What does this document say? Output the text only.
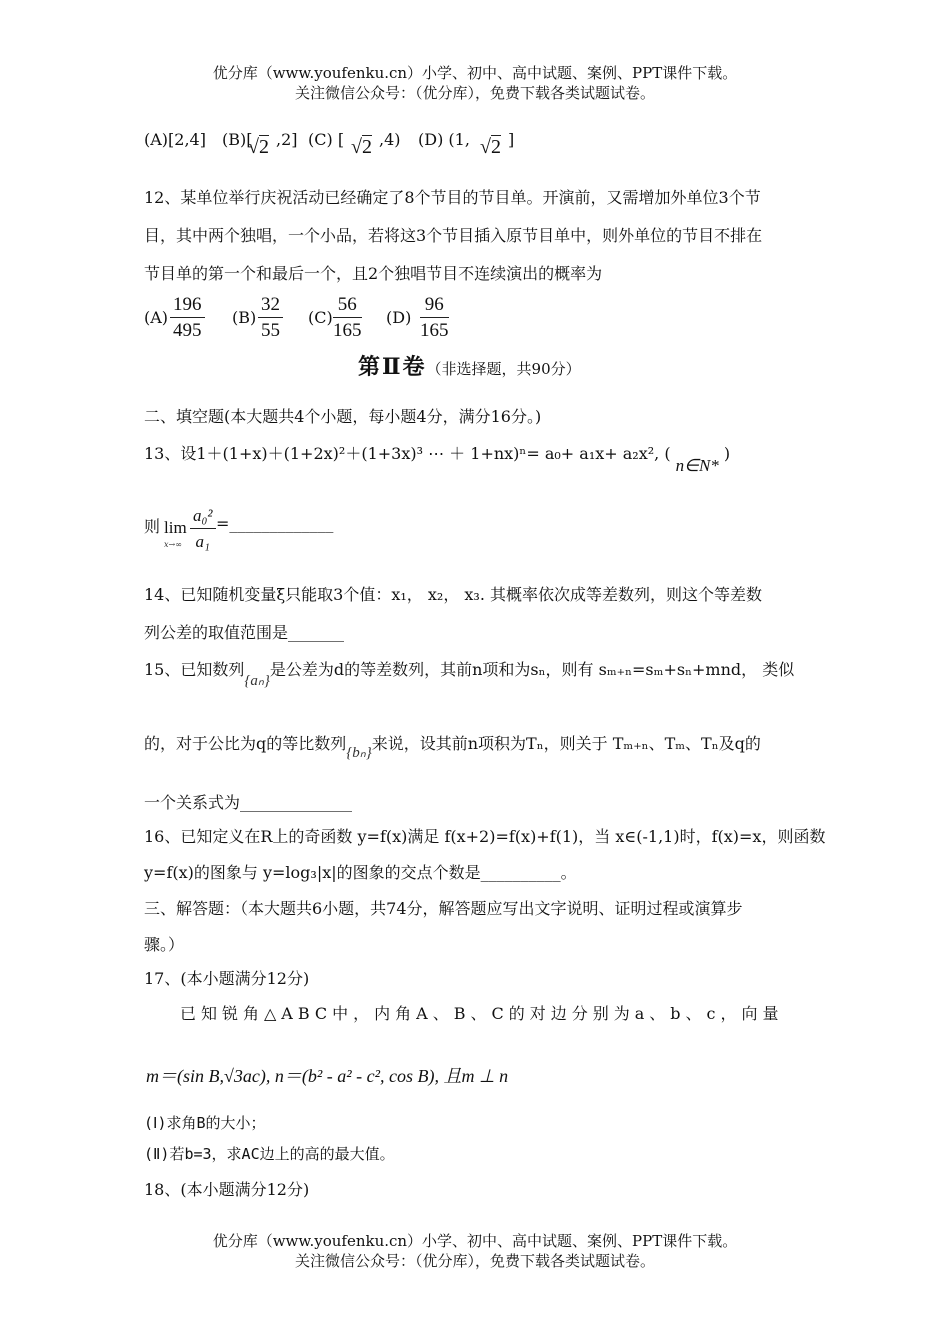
优分库（www.youfenku.cn）小学、初中、高中试题、案例、PPT课件下载。
关注微信公众号：（优分库），免费下载各类试题试卷。
(A)[2,4] (B)[
√2 ,2] (C) [ √2 ,4) (D) (1, √2 ]
12、某单位举行庆祝活动已经确定了8个节目的节目单。开演前，又需增加外单位3个节
目，其中两个独唱，一个小品，若将这3个节目插入原节目单中，则外单位的节目不排在
节目单的第一个和最后一个，且2个独唱节目不连续演出的概率为
$(A) \frac{196}{495} (B) \frac{32}{55} (C) \frac{56}{165} (D) \frac{96}{165}$
第Ⅱ卷（非选择题，共90分）
二、填空题(本大题共4个小题，每小题4分，满分16分。)
13、设1＋(1+x)＋(1+2x)²＋(1+3x)³ ⋯ ＋ 1+nx)ⁿ= a₀+ a₁x+ a₂x², ( n∈N* )
则 lim
$x\to\infty \frac{\text{a₀²}}{\text{a₁}}$ =_____________
14、已知随机变量ξ只能取3个值：x₁， x₂， x₃. 其概率依次成等差数列，则这个等差数
列公差的取值范围是_______
15、已知数列{aₙ}是公差为d的等差数列，其前n项和为sₙ，则有 sₘ₊ₙ=sₘ+sₙ+mnd， 类似
的，对于公比为q的等比数列{bₙ}来说，设其前n项积为Tₙ，则关于 Tₘ₊ₙ、Tₘ、Tₙ及q的
一个关系式为______________
16、已知定义在R上的奇函数 y=f(x)满足 f(x+2)=f(x)+f(1)，当 x∈(-1,1)时，f(x)=x，则函数
y=f(x)的图象与 y=log₃|x|的图象的交点个数是__________。
三、解答题：（本大题共6小题，共74分，解答题应写出文字说明、证明过程或演算步
骤。）
17、(本小题满分12分)
已知锐角△ABC中，内角A、B、C的对边分别为a、b、c，向量
m＝(sin B,√3ac), n＝(b² - a² - c², cos B), 且m ⊥ n
(Ⅰ)求角B的大小；
(Ⅱ)若b=3，求AC边上的高的最大值。
18、(本小题满分12分)
优分库（www.youfenku.cn）小学、初中、高中试题、案例、PPT课件下载。
关注微信公众号：（优分库），免费下载各类试题试卷。
